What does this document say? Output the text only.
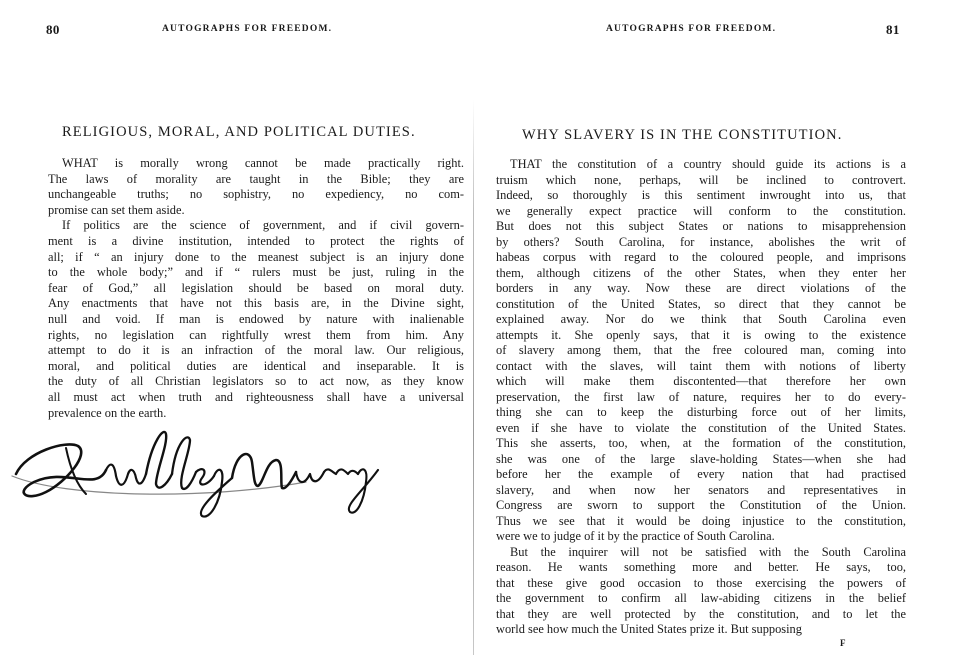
80	AUTOGRAPHS FOR FREEDOM.
RELIGIOUS, MORAL, AND POLITICAL DUTIES.
WHAT is morally wrong cannot be made practically right.
The laws of morality are taught in the Bible; they are
unchangeable truths; no sophistry, no expediency, no com-
promise can set them aside.
If politics are the science of government, and if civil govern-
ment is a divine institution, intended to protect the rights of
all; if “ an injury done to the meanest subject is an injury done
to the whole body;” and if “ rulers must be just, ruling in the
fear of God,” all legislation should be based on moral duty.
Any enactments that have not this basis are, in the Divine sight,
null and void. If man is endowed by nature with inalienable
rights, no legislation can rightfully wrest them from him. Any
attempt to do it is an infraction of the moral law. Our religious,
moral, and political duties are identical and inseparable. It is
the duty of all Christian legislators so to act now, as they know
all must act when truth and righteousness shall have a universal
prevalence on the earth.
AUTOGRAPHS FOR FREEDOM.	81
WHY SLAVERY IS IN THE CONSTITUTION.
THAT the constitution of a country should guide its actions is a
truism which none, perhaps, will be inclined to controvert.
Indeed, so thoroughly is this sentiment inwrought into us, that
we generally expect practice will conform to the constitution.
But does not this subject States or nations to misapprehension
by others? South Carolina, for instance, abolishes the writ of
habeas corpus with regard to the coloured people, and imprisons
them, although citizens of the other States, when they enter her
borders in any way. Now these are direct violations of the
constitution of the United States, so direct that they cannot be
explained away. Nor do we think that South Carolina even
attempts it. She openly says, that it is owing to the existence
of slavery among them, that the free coloured man, coming into
contact with the slaves, will taint them with notions of liberty
which will make them discontented—that therefore her own
preservation, the first law of nature, requires her to do every-
thing she can to keep the disturbing force out of her limits,
even if she have to violate the constitution of the United States.
This she asserts, too, when, at the formation of the constitution,
she was one of the large slave-holding States—when she had
before her the example of every nation that had practised
slavery, and when now her senators and representatives in
Congress are sworn to support the Constitution of the Union.
Thus we see that it would be doing injustice to the constitution,
were we to judge of it by the practice of South Carolina.
But the inquirer will not be satisfied with the South Carolina
reason. He wants something more and better. He says, too,
that these give good occasion to those exercising the powers of
the government to confirm all law-abiding citizens in the belief
that they are well protected by the constitution, and to let the
world see how much the United States prize it. But supposing
F
